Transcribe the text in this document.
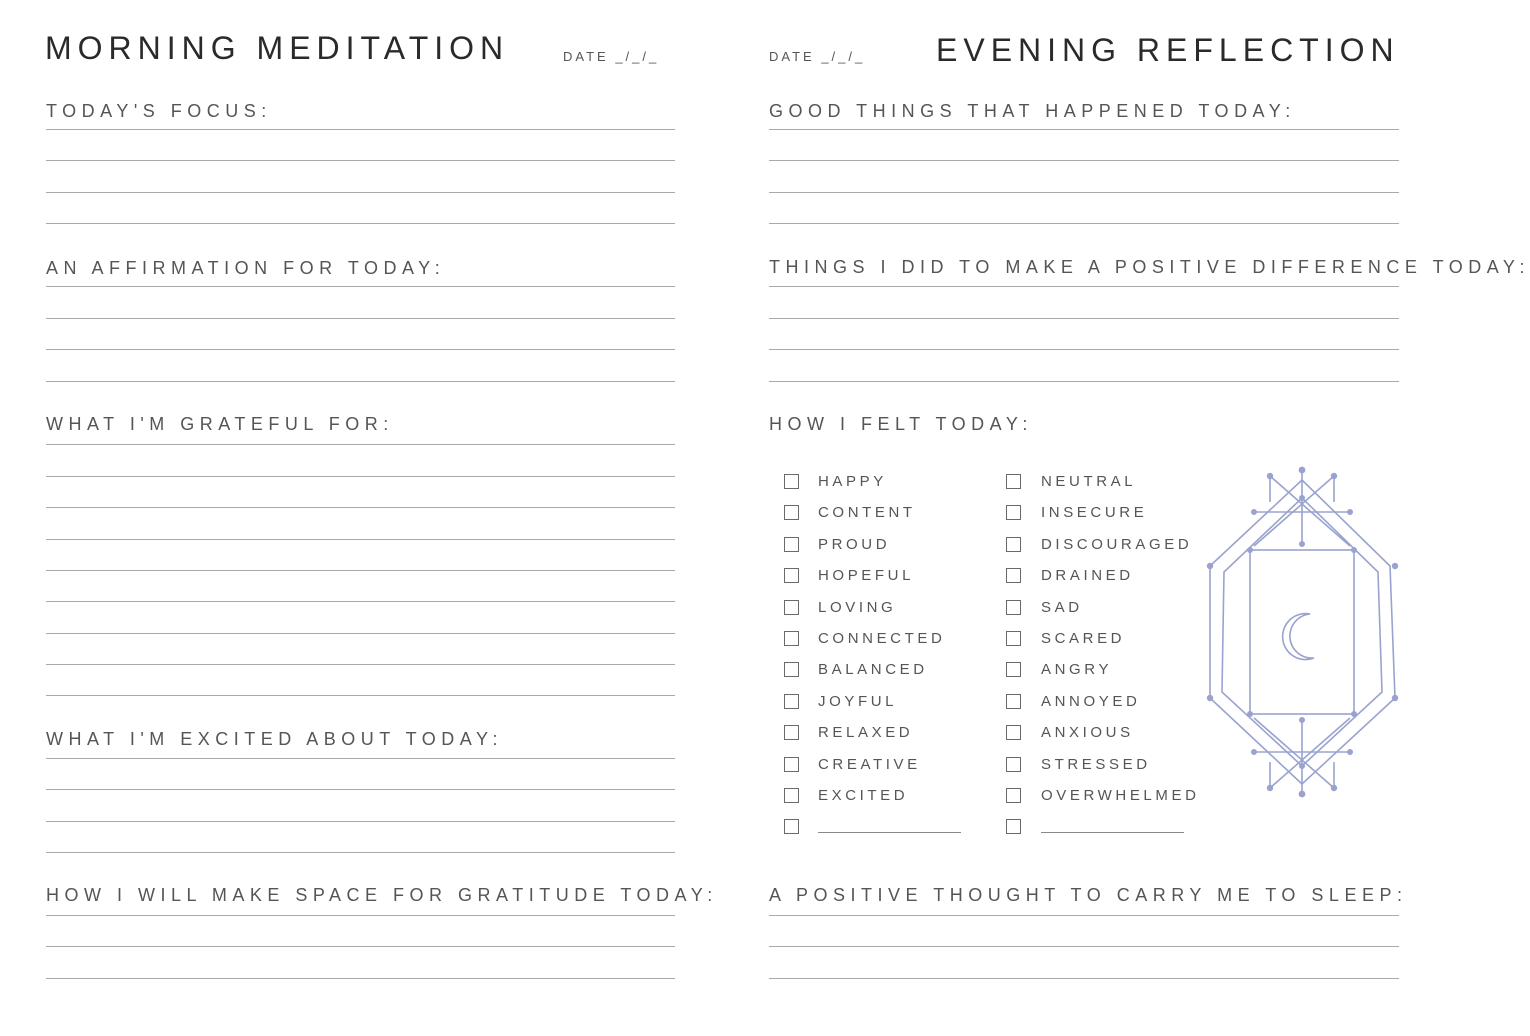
MORNING MEDITATION	DATE _/_/_
TODAY'S FOCUS:
AN AFFIRMATION FOR TODAY:
WHAT I'M GRATEFUL FOR:
WHAT I'M EXCITED ABOUT TODAY:
HOW I WILL MAKE SPACE FOR GRATITUDE TODAY:
DATE _/_/_ EVENING REFLECTION
GOOD THINGS THAT HAPPENED TODAY:
THINGS I DID TO MAKE A POSITIVE DIFFERENCE TODAY:
HOW I FELT TODAY:
A POSITIVE THOUGHT TO CARRY ME TO SLEEP:
HAPPY
CONTENT
PROUD
HOPEFUL
LOVING
CONNECTED
BALANCED
JOYFUL
RELAXED
CREATIVE
EXCITED
NEUTRAL
INSECURE
DISCOURAGED
DRAINED
SAD
SCARED
ANGRY
ANNOYED
ANXIOUS
STRESSED
OVERWHELMED
